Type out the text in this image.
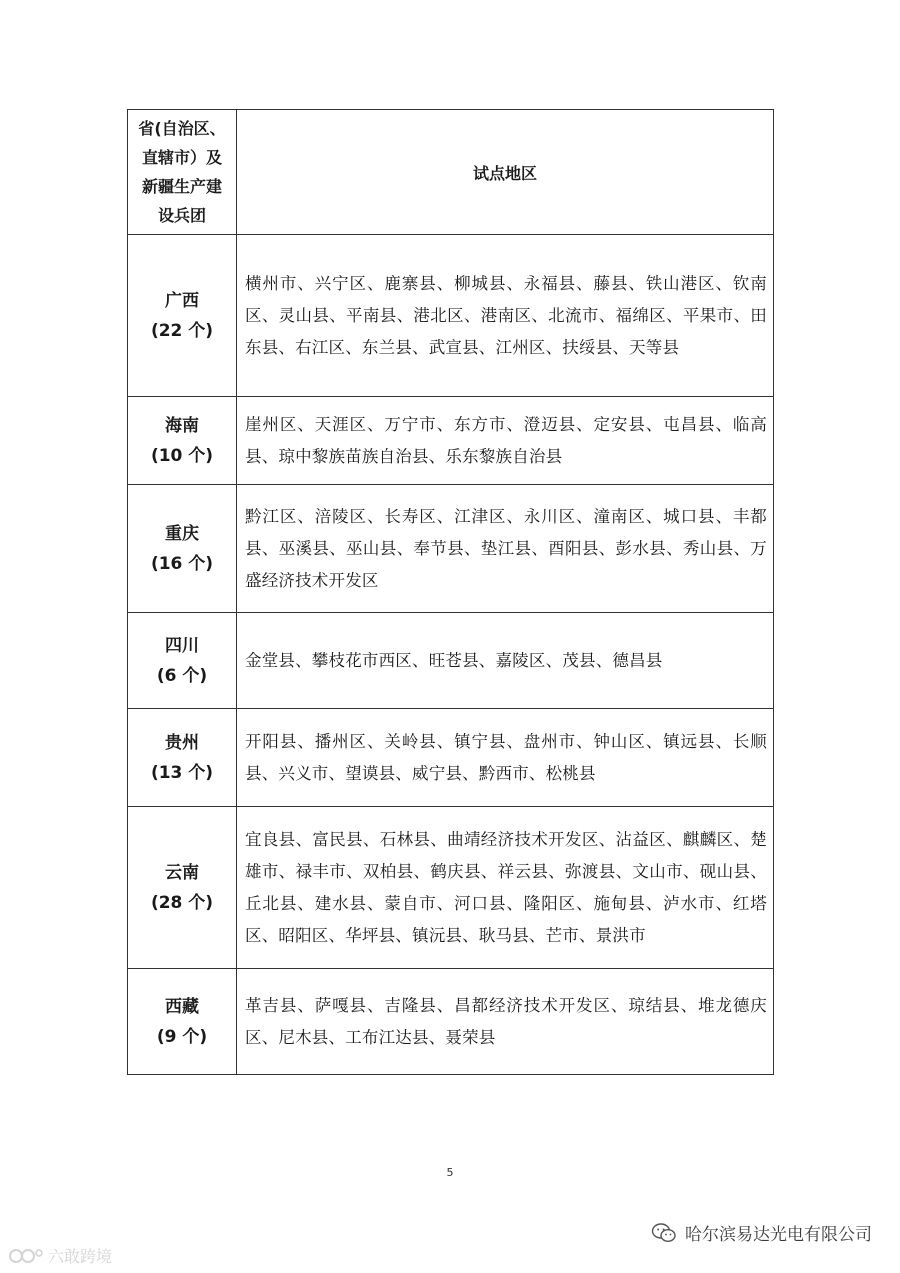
省(自治区、
直辖市）及
新疆生产建
设兵团	试点地区

广西
(22 个)	横州市、兴宁区、鹿寨县、柳城县、永福县、藤县、铁山港区、钦南区、灵山县、平南县、港北区、港南区、北流市、福绵区、平果市、田东县、右江区、东兰县、武宣县、江州区、扶绥县、天等县

海南
(10 个)	崖州区、天涯区、万宁市、东方市、澄迈县、定安县、屯昌县、临高县、琼中黎族苗族自治县、乐东黎族自治县

重庆
(16 个)	黔江区、涪陵区、长寿区、江津区、永川区、潼南区、城口县、丰都县、巫溪县、巫山县、奉节县、垫江县、酉阳县、彭水县、秀山县、万盛经济技术开发区

四川
(6 个)	金堂县、攀枝花市西区、旺苍县、嘉陵区、茂县、德昌县

贵州
(13 个)	开阳县、播州区、关岭县、镇宁县、盘州市、钟山区、镇远县、长顺县、兴义市、望谟县、威宁县、黔西市、松桃县

云南
(28 个)	宜良县、富民县、石林县、曲靖经济技术开发区、沾益区、麒麟区、楚雄市、禄丰市、双柏县、鹤庆县、祥云县、弥渡县、文山市、砚山县、丘北县、建水县、蒙自市、河口县、隆阳区、施甸县、泸水市、红塔区、昭阳区、华坪县、镇沅县、耿马县、芒市、景洪市

西藏
(9 个)	革吉县、萨嘎县、吉隆县、昌都经济技术开发区、琼结县、堆龙德庆区、尼木县、工布江达县、聂荣县
5
哈尔滨易达光电有限公司
六敢跨境
